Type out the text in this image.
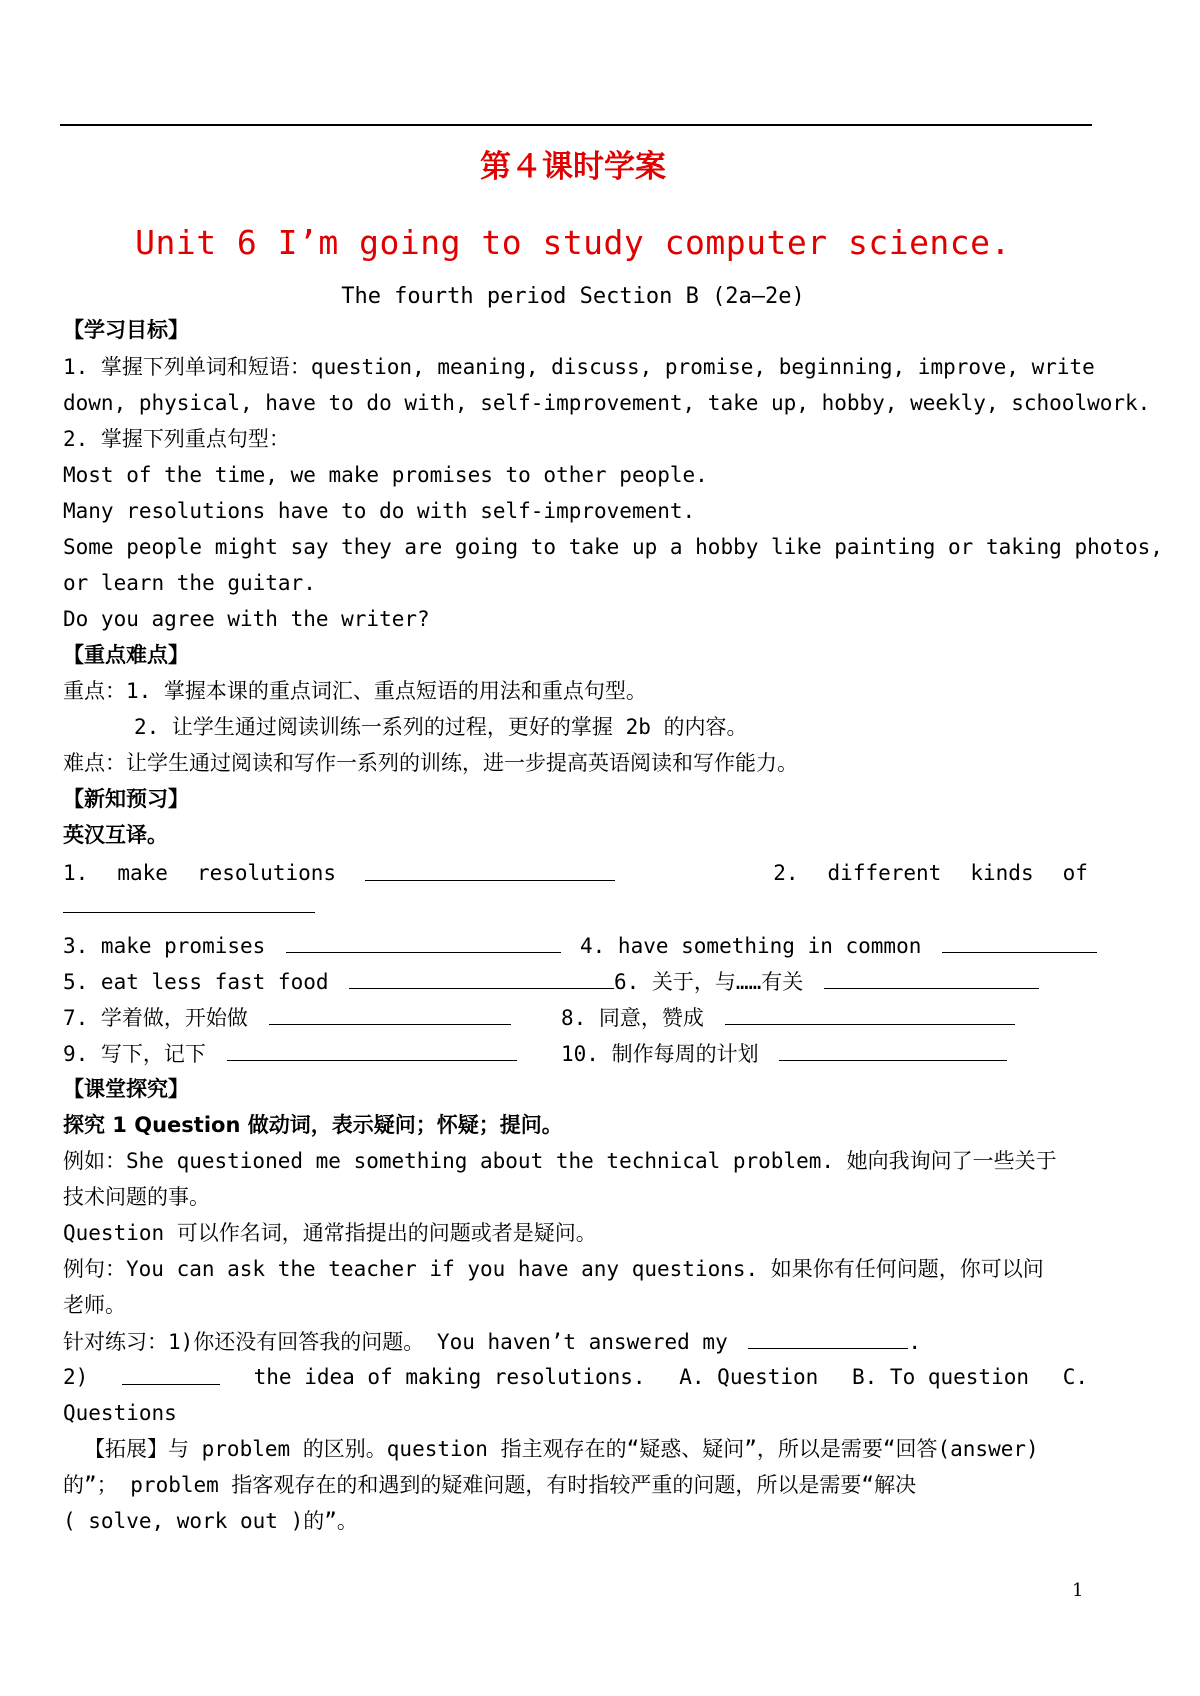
第４课时学案
Unit 6 I’m going to study computer science.
The fourth period Section B (2a—2e)
【学习目标】
1. 掌握下列单词和短语：question, meaning, discuss, promise, beginning, improve, write
down, physical, have to do with, self-improvement, take up, hobby, weekly, schoolwork.
2. 掌握下列重点句型：
Most of the time, we make promises to other people.
Many resolutions have to do with self-improvement.
Some people might say they are going to take up a hobby like painting or taking photos,
or learn the guitar.
Do you agree with the writer?
【重点难点】
重点：1. 掌握本课的重点词汇、重点短语的用法和重点句型。
2. 让学生通过阅读训练一系列的过程，更好的掌握 2b 的内容。
难点：让学生通过阅读和写作一系列的训练，进一步提高英语阅读和写作能力。
【新知预习】
英汉互译。
1. make resolutions	2. different kinds of
3. make promises	4. have something in common
5. eat less fast food	6. 关于，与……有关
7. 学着做，开始做	8. 同意，赞成
9. 写下，记下	10. 制作每周的计划
【课堂探究】
探究 1 Question 做动词，表示疑问；怀疑；提问。
例如：She questioned me something about the technical problem. 她向我询问了一些关于
技术问题的事。
Question 可以作名词，通常指提出的问题或者是疑问。
例句：You can ask the teacher if you have any questions. 如果你有任何问题，你可以问
老师。
针对练习：1)你还没有回答我的问题。 You haven’t answered my	.
2)	the idea of making resolutions. A. Question B. To question C.
Questions
【拓展】与 problem 的区别。question 指主观存在的“疑惑、疑问”，所以是需要“回答(answer)
的”； problem 指客观存在的和遇到的疑难问题，有时指较严重的问题，所以是需要“解决
( solve, work out )的”。
1
